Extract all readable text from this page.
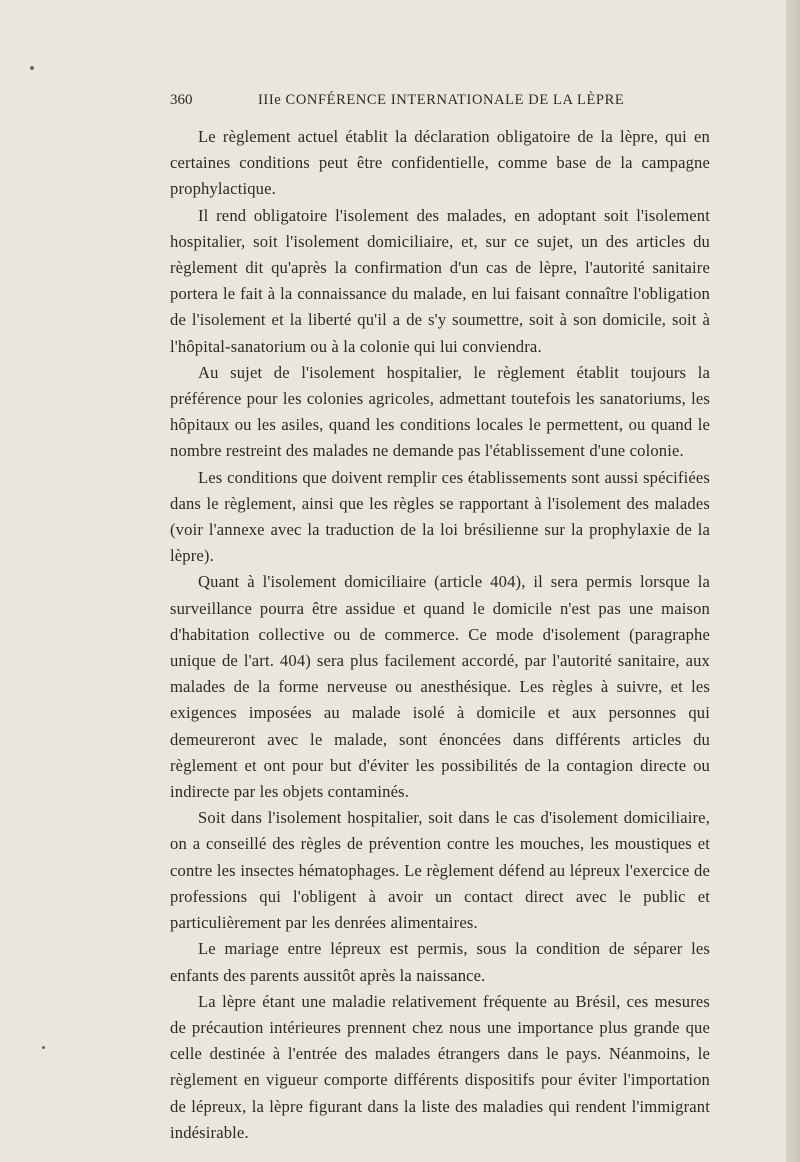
360	IIIe CONFÉRENCE INTERNATIONALE DE LA LÈPRE

Le règlement actuel établit la déclaration obligatoire de la lèpre, qui en certaines conditions peut être confidentielle, comme base de la campagne prophylactique.

Il rend obligatoire l'isolement des malades, en adoptant soit l'isolement hospitalier, soit l'isolement domiciliaire, et, sur ce sujet, un des articles du règlement dit qu'après la confirmation d'un cas de lèpre, l'autorité sanitaire portera le fait à la connaissance du malade, en lui faisant connaître l'obligation de l'isolement et la liberté qu'il a de s'y soumettre, soit à son domicile, soit à l'hôpital-sanatorium ou à la colonie qui lui conviendra.

Au sujet de l'isolement hospitalier, le règlement établit toujours la préférence pour les colonies agricoles, admettant toutefois les sanatoriums, les hôpitaux ou les asiles, quand les conditions locales le permettent, ou quand le nombre restreint des malades ne demande pas l'établissement d'une colonie.

Les conditions que doivent remplir ces établissements sont aussi spécifiées dans le règlement, ainsi que les règles se rapportant à l'isolement des malades (voir l'annexe avec la traduction de la loi brésilienne sur la prophylaxie de la lèpre).

Quant à l'isolement domiciliaire (article 404), il sera permis lorsque la surveillance pourra être assidue et quand le domicile n'est pas une maison d'habitation collective ou de commerce. Ce mode d'isolement (paragraphe unique de l'art. 404) sera plus facilement accordé, par l'autorité sanitaire, aux malades de la forme nerveuse ou anesthésique. Les règles à suivre, et les exigences imposées au malade isolé à domicile et aux personnes qui demeureront avec le malade, sont énoncées dans différents articles du règlement et ont pour but d'éviter les possibilités de la contagion directe ou indirecte par les objets contaminés.

Soit dans l'isolement hospitalier, soit dans le cas d'isolement domiciliaire, on a conseillé des règles de prévention contre les mouches, les moustiques et contre les insectes hématophages. Le règlement défend au lépreux l'exercice de professions qui l'obligent à avoir un contact direct avec le public et particulièrement par les denrées alimentaires.

Le mariage entre lépreux est permis, sous la condition de séparer les enfants des parents aussitôt après la naissance.

La lèpre étant une maladie relativement fréquente au Brésil, ces mesures de précaution intérieures prennent chez nous une importance plus grande que celle destinée à l'entrée des malades étrangers dans le pays. Néanmoins, le règlement en vigueur comporte différents dispositifs pour éviter l'importation de lépreux, la lèpre figurant dans la liste des maladies qui rendent l'immigrant indésirable.
